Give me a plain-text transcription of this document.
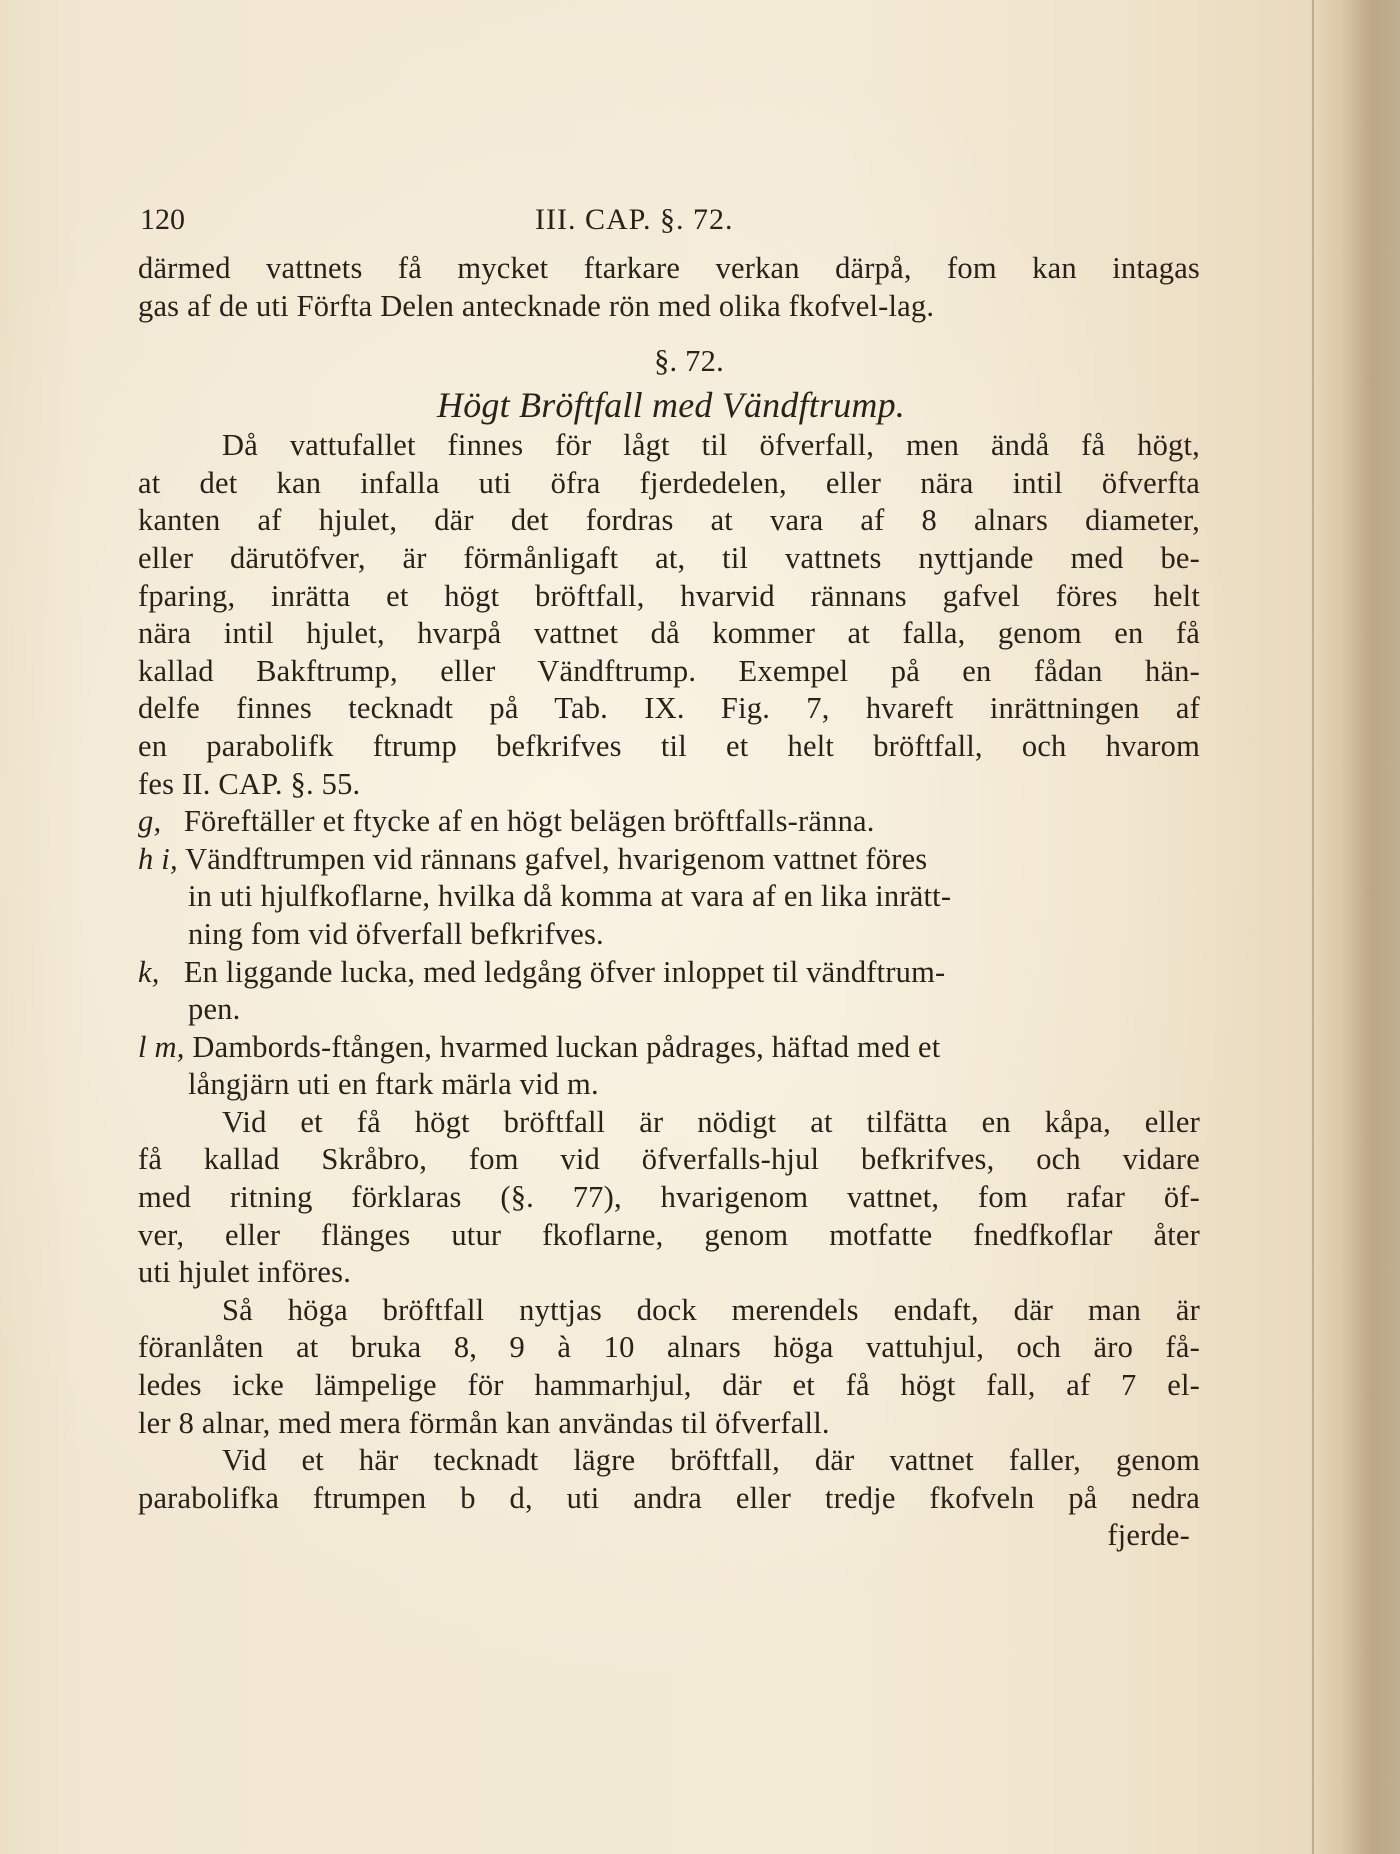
120	III. CAP. §. 72.
därmed vattnets få mycket ftarkare verkan därpå, fom kan intagas
gas af de uti Förfta Delen antecknade rön med olika fkofvel-lag.
§. 72.
Högt Bröftfall med Vändftrump.
Då vattufallet finnes för lågt til öfverfall, men ändå få högt,
at det kan infalla uti öfra fjerdedelen, eller nära intil öfverfta
kanten af hjulet, där det fordras at vara af 8 alnars diameter,
eller därutöfver, är förmånligaft at, til vattnets nyttjande med be-
fparing, inrätta et högt bröftfall, hvarvid rännans gafvel föres helt
nära intil hjulet, hvarpå vattnet då kommer at falla, genom en få
kallad Bakftrump, eller Vändftrump. Exempel på en fådan hän-
delfe finnes tecknadt på Tab. IX. Fig. 7, hvareft inrättningen af
en parabolifk ftrump befkrifves til et helt bröftfall, och hvarom
fes II. CAP. §. 55.
g, Föreftäller et ftycke af en högt belägen bröftfalls-ränna.
h i, Vändftrumpen vid rännans gafvel, hvarigenom vattnet föres
in uti hjulfkoflarne, hvilka då komma at vara af en lika inrätt-
ning fom vid öfverfall befkrifves.
k, En liggande lucka, med ledgång öfver inloppet til vändftrum-
pen.
l m, Dambords-ftången, hvarmed luckan pådrages, häftad med et
långjärn uti en ftark märla vid m.
Vid et få högt bröftfall är nödigt at tilfätta en kåpa, eller
få kallad Skråbro, fom vid öfverfalls-hjul befkrifves, och vidare
med ritning förklaras (§. 77), hvarigenom vattnet, fom rafar öf-
ver, eller flänges utur fkoflarne, genom motfatte fnedfkoflar åter
uti hjulet införes.
Så höga bröftfall nyttjas dock merendels endaft, där man är
föranlåten at bruka 8, 9 à 10 alnars höga vattuhjul, och äro få-
ledes icke lämpelige för hammarhjul, där et få högt fall, af 7 el-
ler 8 alnar, med mera förmån kan användas til öfverfall.
Vid et här tecknadt lägre bröftfall, där vattnet faller, genom
parabolifka ftrumpen b d, uti andra eller tredje fkofveln på nedra
fjerde-
